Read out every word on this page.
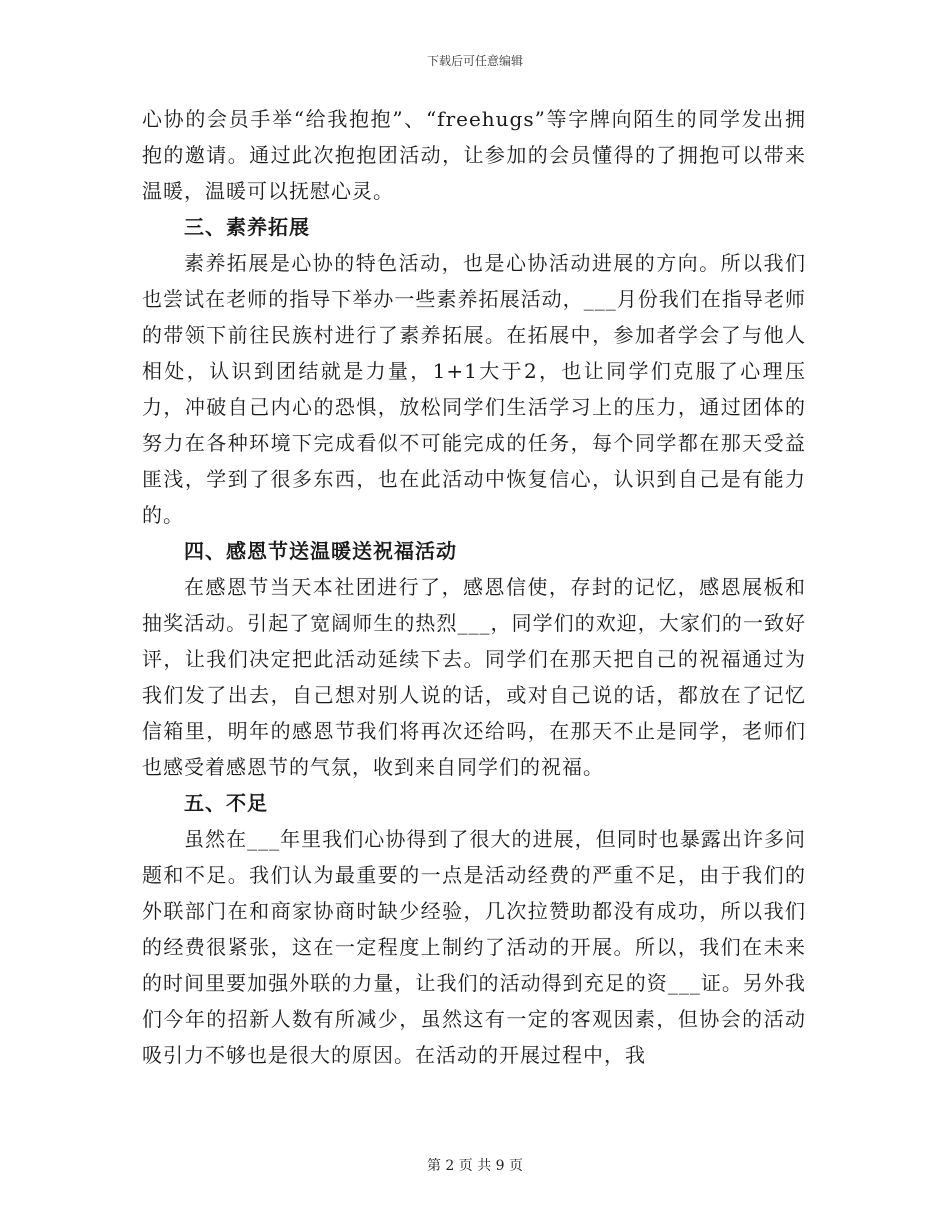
下载后可任意编辑

心协的会员手举“给我抱抱”、“freehugs”等字牌向陌生的同学发出拥抱的邀请。通过此次抱抱团活动，让参加的会员懂得的了拥抱可以带来温暖，温暖可以抚慰心灵。

三、素养拓展

素养拓展是心协的特色活动，也是心协活动进展的方向。所以我们也尝试在老师的指导下举办一些素养拓展活动，___月份我们在指导老师的带领下前往民族村进行了素养拓展。在拓展中，参加者学会了与他人相处，认识到团结就是力量，1+1大于2，也让同学们克服了心理压力，冲破自己内心的恐惧，放松同学们生活学习上的压力，通过团体的努力在各种环境下完成看似不可能完成的任务，每个同学都在那天受益匪浅，学到了很多东西，也在此活动中恢复信心，认识到自己是有能力的。

四、感恩节送温暖送祝福活动

在感恩节当天本社团进行了，感恩信使，存封的记忆，感恩展板和抽奖活动。引起了宽阔师生的热烈___，同学们的欢迎，大家们的一致好评，让我们决定把此活动延续下去。同学们在那天把自己的祝福通过为我们发了出去，自己想对别人说的话，或对自己说的话，都放在了记忆信箱里，明年的感恩节我们将再次还给吗，在那天不止是同学，老师们也感受着感恩节的气氛，收到来自同学们的祝福。

五、不足

虽然在___年里我们心协得到了很大的进展，但同时也暴露出许多问题和不足。我们认为最重要的一点是活动经费的严重不足，由于我们的外联部门在和商家协商时缺少经验，几次拉赞助都没有成功，所以我们的经费很紧张，这在一定程度上制约了活动的开展。所以，我们在未来的时间里要加强外联的力量，让我们的活动得到充足的资___证。另外我们今年的招新人数有所减少，虽然这有一定的客观因素，但协会的活动吸引力不够也是很大的原因。在活动的开展过程中，我

第 2 页 共 9 页
